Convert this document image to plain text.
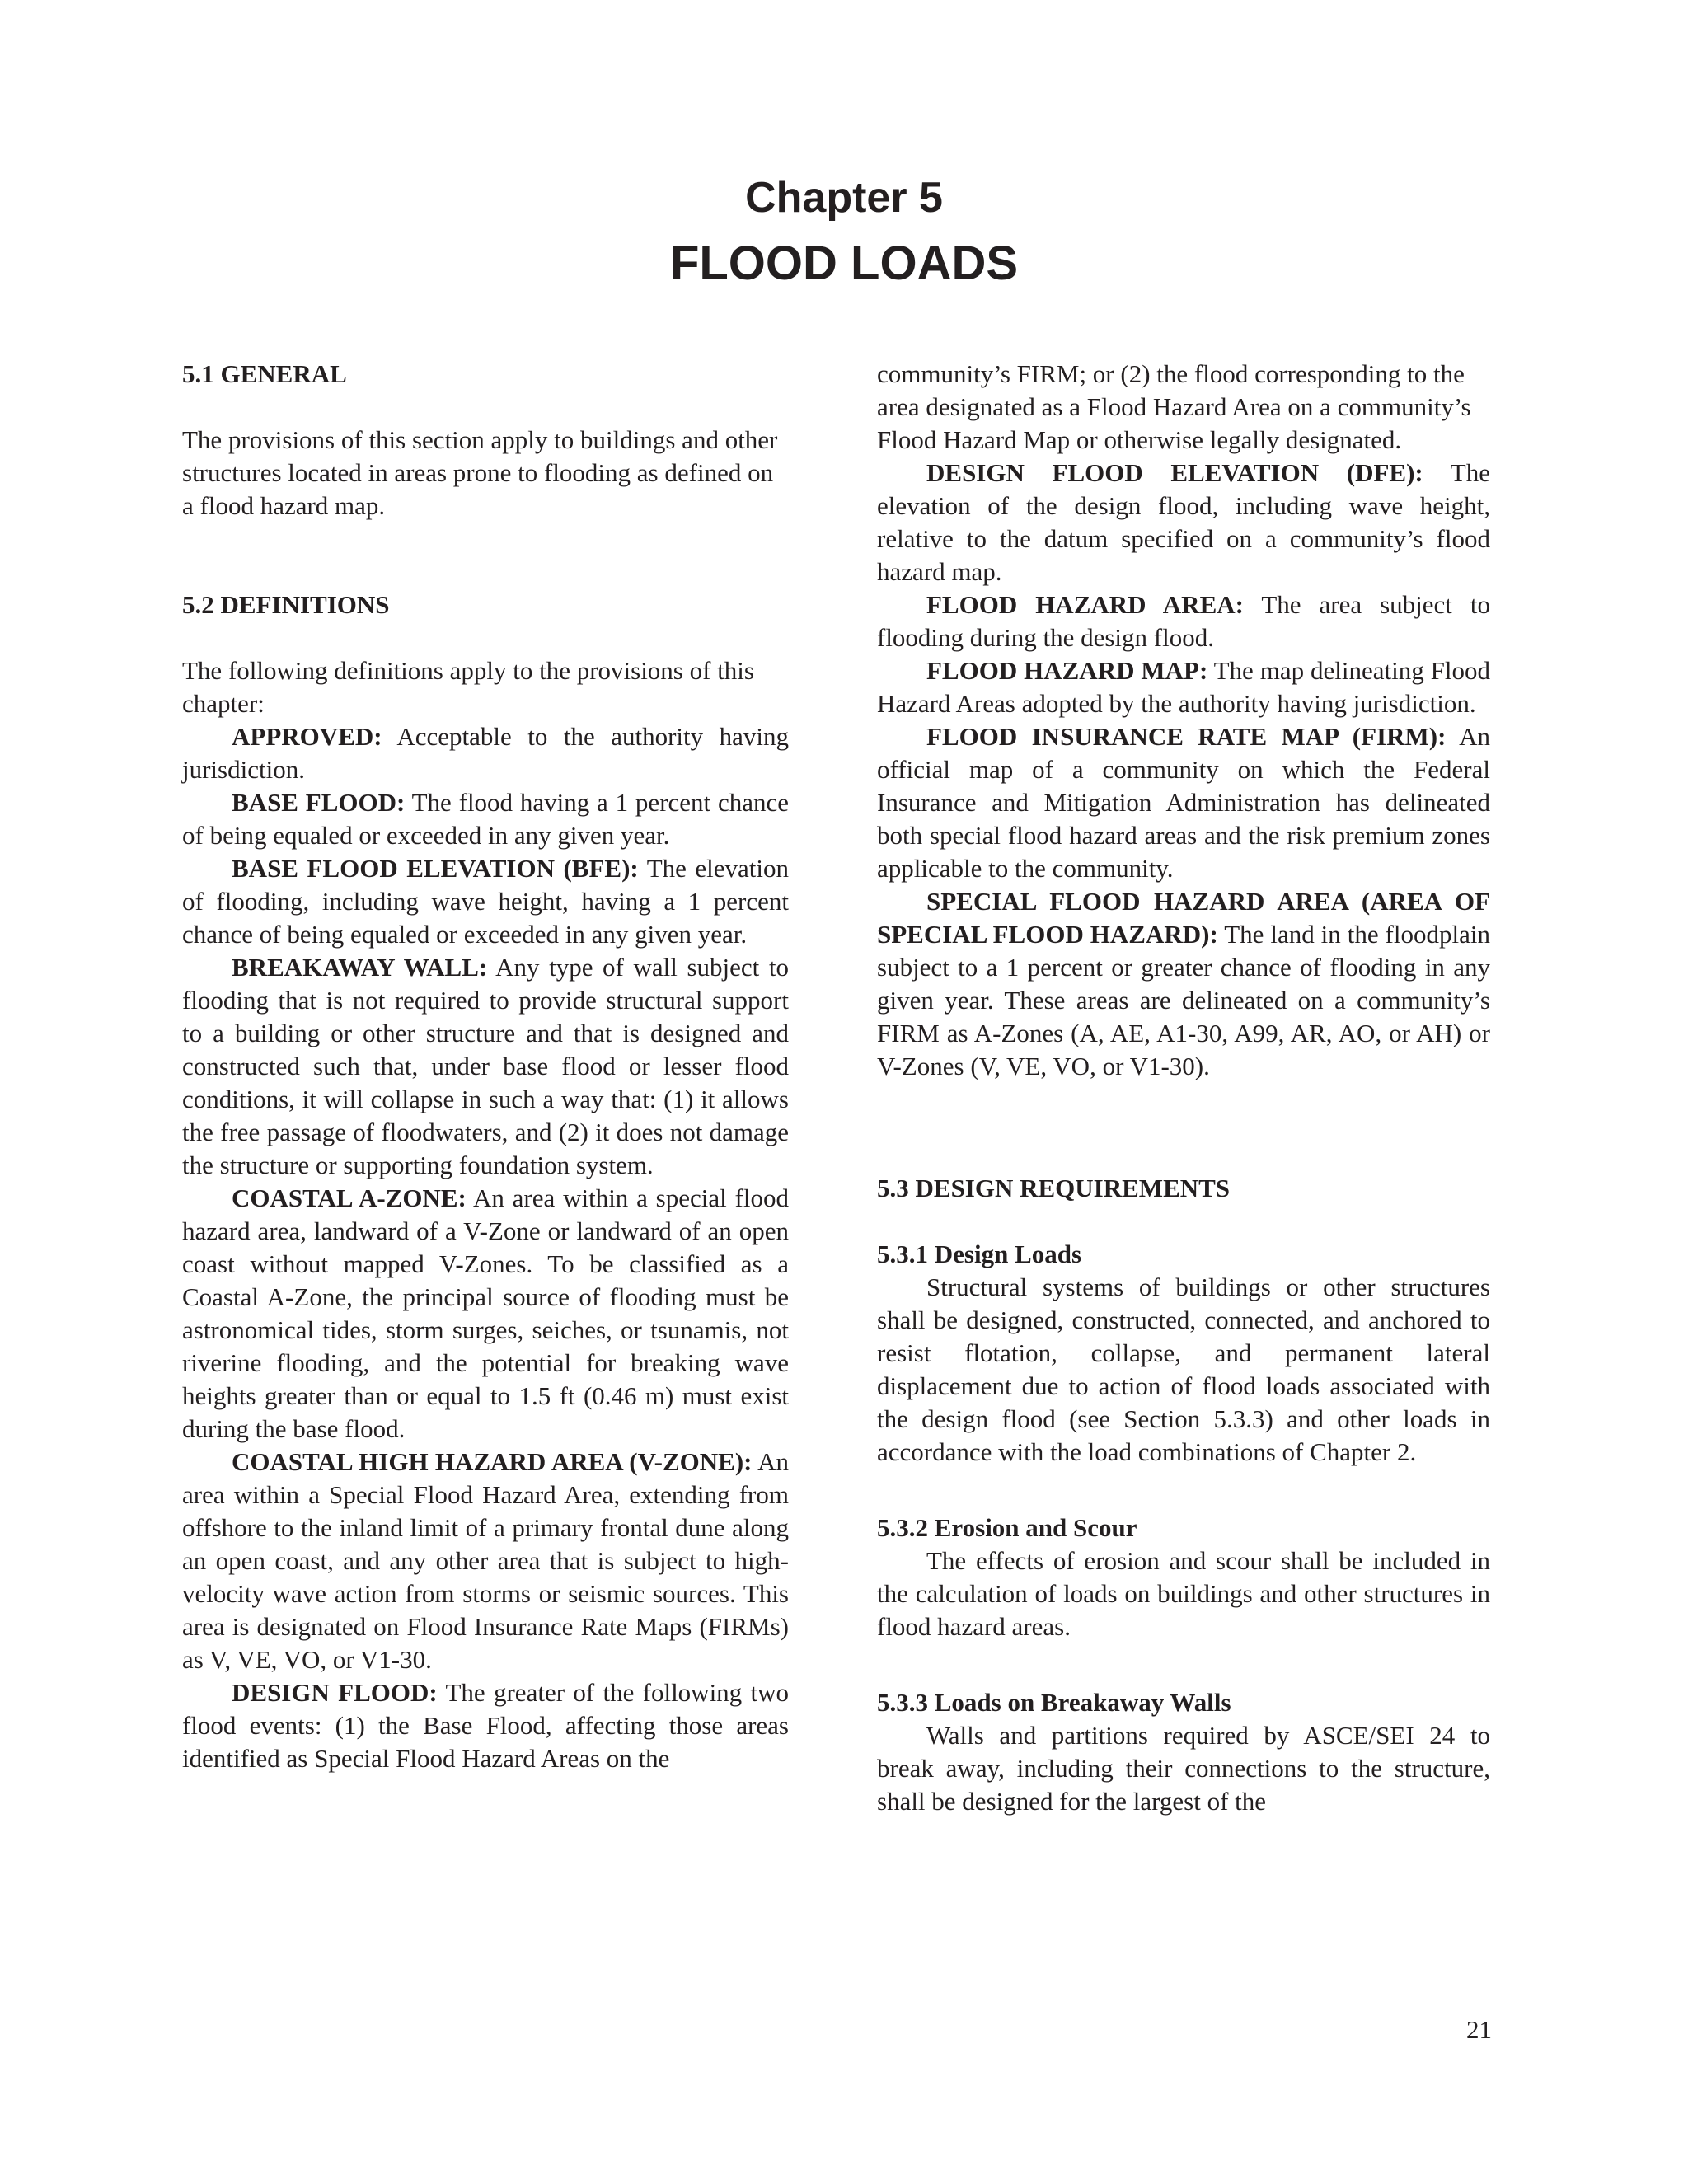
Chapter 5
FLOOD LOADS
5.1 GENERAL

The provisions of this section apply to buildings and other structures located in areas prone to flooding as defined on a flood hazard map.

5.2 DEFINITIONS

The following definitions apply to the provisions of this chapter:

APPROVED: Acceptable to the authority having jurisdiction.

BASE FLOOD: The flood having a 1 percent chance of being equaled or exceeded in any given year.

BASE FLOOD ELEVATION (BFE): The elevation of flooding, including wave height, having a 1 percent chance of being equaled or exceeded in any given year.

BREAKAWAY WALL: Any type of wall subject to flooding that is not required to provide structural support to a building or other structure and that is designed and constructed such that, under base flood or lesser flood conditions, it will collapse in such a way that: (1) it allows the free passage of floodwaters, and (2) it does not damage the structure or supporting foundation system.

COASTAL A-ZONE: An area within a special flood hazard area, landward of a V-Zone or landward of an open coast without mapped V-Zones. To be classified as a Coastal A-Zone, the principal source of flooding must be astronomical tides, storm surges, seiches, or tsunamis, not riverine flooding, and the potential for breaking wave heights greater than or equal to 1.5 ft (0.46 m) must exist during the base flood.

COASTAL HIGH HAZARD AREA (V-ZONE): An area within a Special Flood Hazard Area, extending from offshore to the inland limit of a primary frontal dune along an open coast, and any other area that is subject to high-velocity wave action from storms or seismic sources. This area is designated on Flood Insurance Rate Maps (FIRMs) as V, VE, VO, or V1-30.

DESIGN FLOOD: The greater of the following two flood events: (1) the Base Flood, affecting those areas identified as Special Flood Hazard Areas on the

community’s FIRM; or (2) the flood corresponding to the area designated as a Flood Hazard Area on a community’s Flood Hazard Map or otherwise legally designated.

DESIGN FLOOD ELEVATION (DFE): The elevation of the design flood, including wave height, relative to the datum specified on a community’s flood hazard map.

FLOOD HAZARD AREA: The area subject to flooding during the design flood.

FLOOD HAZARD MAP: The map delineating Flood Hazard Areas adopted by the authority having jurisdiction.

FLOOD INSURANCE RATE MAP (FIRM): An official map of a community on which the Federal Insurance and Mitigation Administration has delineated both special flood hazard areas and the risk premium zones applicable to the community.

SPECIAL FLOOD HAZARD AREA (AREA OF SPECIAL FLOOD HAZARD): The land in the floodplain subject to a 1 percent or greater chance of flooding in any given year. These areas are delineated on a community’s FIRM as A-Zones (A, AE, A1-30, A99, AR, AO, or AH) or V-Zones (V, VE, VO, or V1-30).

5.3 DESIGN REQUIREMENTS
5.3.1 Design Loads

Structural systems of buildings or other structures shall be designed, constructed, connected, and anchored to resist flotation, collapse, and permanent lateral displacement due to action of flood loads associated with the design flood (see Section 5.3.3) and other loads in accordance with the load combinations of Chapter 2.

5.3.2 Erosion and Scour

The effects of erosion and scour shall be included in the calculation of loads on buildings and other structures in flood hazard areas.

5.3.3 Loads on Breakaway Walls

Walls and partitions required by ASCE/SEI 24 to break away, including their connections to the structure, shall be designed for the largest of the

21
